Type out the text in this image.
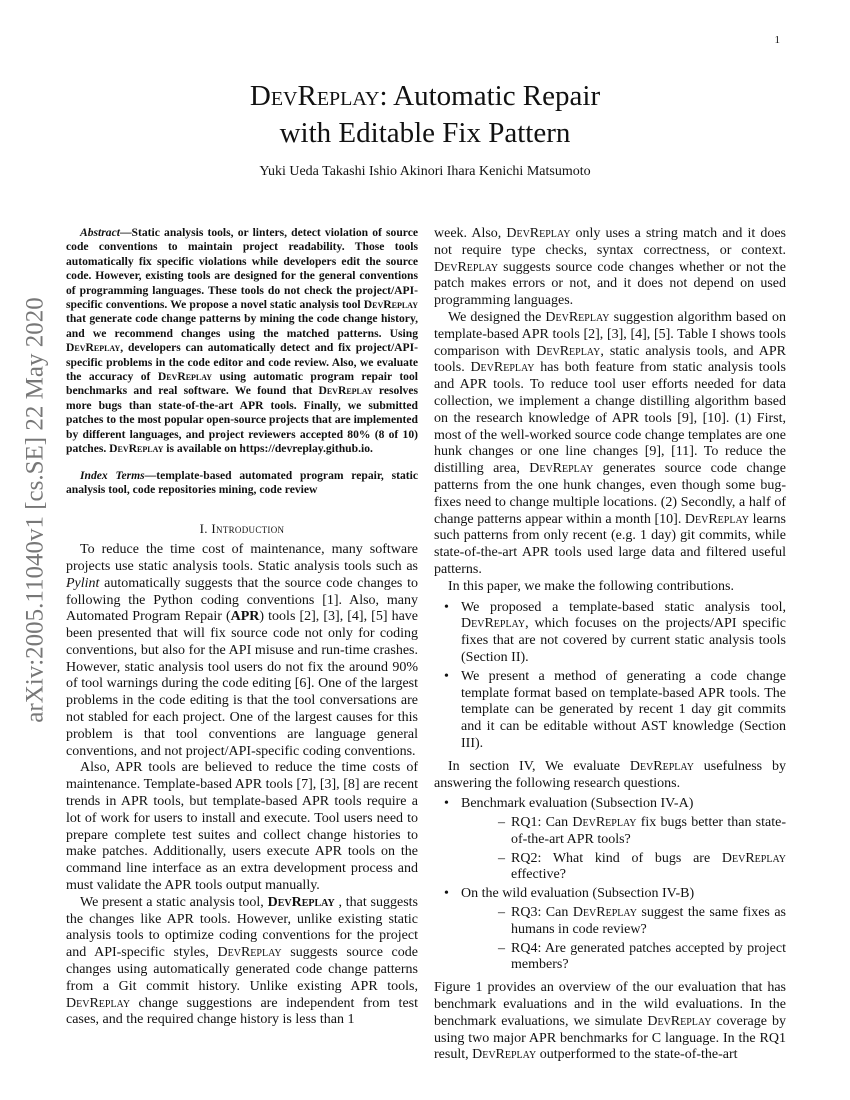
1
arXiv:2005.11040v1 [cs.SE] 22 May 2020
DevReplay: Automatic Repair
with Editable Fix Pattern
Yuki Ueda Takashi Ishio Akinori Ihara Kenichi Matsumoto

Abstract—Static analysis tools, or linters, detect violation of source code conventions to maintain project readability. Those tools automatically fix specific violations while developers edit the source code. However, existing tools are designed for the general conventions of programming languages. These tools do not check the project/API-specific conventions. We propose a novel static analysis tool DevReplay that generate code change patterns by mining the code change history, and we recommend changes using the matched patterns. Using DevReplay, developers can automatically detect and fix project/API-specific problems in the code editor and code review. Also, we evaluate the accuracy of DevReplay using automatic program repair tool benchmarks and real software. We found that DevReplay resolves more bugs than state-of-the-art APR tools. Finally, we submitted patches to the most popular open-source projects that are implemented by different languages, and project reviewers accepted 80% (8 of 10) patches. DevReplay is available on https://devreplay.github.io.

Index Terms—template-based automated program repair, static analysis tool, code repositories mining, code review

I. Introduction

To reduce the time cost of maintenance, many software projects use static analysis tools. Static analysis tools such as Pylint automatically suggests that the source code changes to following the Python coding conventions [1]. Also, many Automated Program Repair (APR) tools [2], [3], [4], [5] have been presented that will fix source code not only for coding conventions, but also for the API misuse and run-time crashes. However, static analysis tool users do not fix the around 90% of tool warnings during the code editing [6]. One of the largest problems in the code editing is that the tool conversations are not stabled for each project. One of the largest causes for this problem is that tool conventions are language general conventions, and not project/API-specific coding conventions.

Also, APR tools are believed to reduce the time costs of maintenance. Template-based APR tools [7], [3], [8] are recent trends in APR tools, but template-based APR tools require a lot of work for users to install and execute. Tool users need to prepare complete test suites and collect change histories to make patches. Additionally, users execute APR tools on the command line interface as an extra development process and must validate the APR tools output manually.

We present a static analysis tool, DevReplay , that suggests the changes like APR tools. However, unlike existing static analysis tools to optimize coding conventions for the project and API-specific styles, DevReplay suggests source code changes using automatically generated code change patterns from a Git commit history. Unlike existing APR tools, DevReplay change suggestions are independent from test cases, and the required change history is less than 1

week. Also, DevReplay only uses a string match and it does not require type checks, syntax correctness, or context. DevReplay suggests source code changes whether or not the patch makes errors or not, and it does not depend on used programming languages.

We designed the DevReplay suggestion algorithm based on template-based APR tools [2], [3], [4], [5]. Table I shows tools comparison with DevReplay, static analysis tools, and APR tools. DevReplay has both feature from static analysis tools and APR tools. To reduce tool user efforts needed for data collection, we implement a change distilling algorithm based on the research knowledge of APR tools [9], [10]. (1) First, most of the well-worked source code change templates are one hunk changes or one line changes [9], [11]. To reduce the distilling area, DevReplay generates source code change patterns from the one hunk changes, even though some bug-fixes need to change multiple locations. (2) Secondly, a half of change patterns appear within a month [10]. DevReplay learns such patterns from only recent (e.g. 1 day) git commits, while state-of-the-art APR tools used large data and filtered useful patterns.

In this paper, we make the following contributions.

• We proposed a template-based static analysis tool, DevReplay, which focuses on the projects/API specific fixes that are not covered by current static analysis tools (Section II).
• We present a method of generating a code change template format based on template-based APR tools. The template can be generated by recent 1 day git commits and it can be editable without AST knowledge (Section III).

In section IV, We evaluate DevReplay usefulness by answering the following research questions.

• Benchmark evaluation (Subsection IV-A)
– RQ1: Can DevReplay fix bugs better than state-of-the-art APR tools?
– RQ2: What kind of bugs are DevReplay effective?
• On the wild evaluation (Subsection IV-B)
– RQ3: Can DevReplay suggest the same fixes as humans in code review?
– RQ4: Are generated patches accepted by project members?

Figure 1 provides an overview of the our evaluation that has benchmark evaluations and in the wild evaluations. In the benchmark evaluations, we simulate DevReplay coverage by using two major APR benchmarks for C language. In the RQ1 result, DevReplay outperformed to the state-of-the-art
